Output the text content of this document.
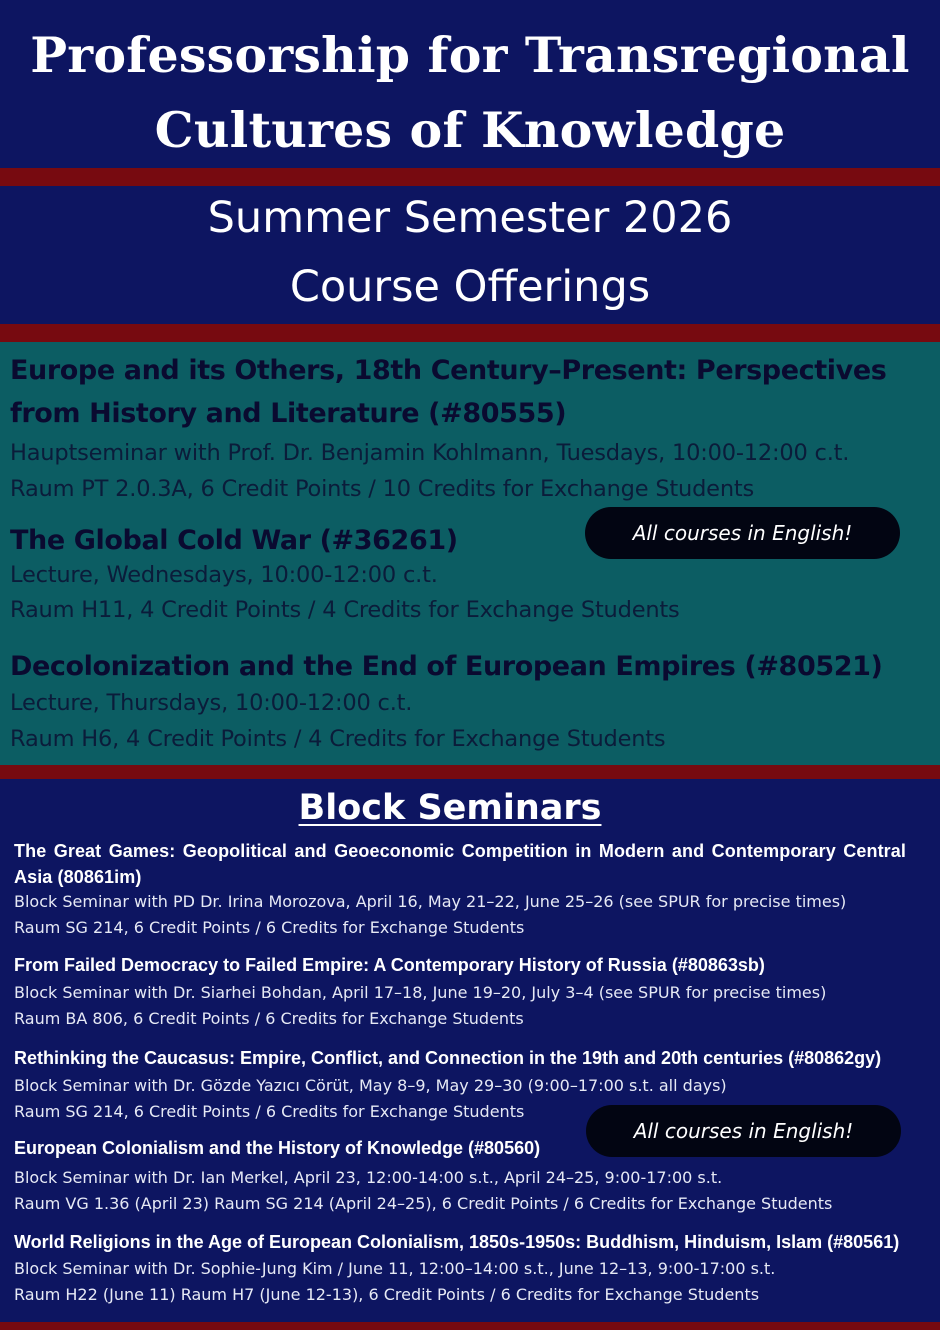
Professorship for Transregional
Cultures of Knowledge
Summer Semester 2026
Course Offerings

Europe and its Others, 18th Century–Present: Perspectives

from History and Literature (#80555)

Hauptseminar with Prof. Dr. Benjamin Kohlmann, Tuesdays, 10:00-12:00 c.t.

Raum PT 2.0.3A, 6 Credit Points / 10 Credits for Exchange Students

The Global Cold War (#36261)

Lecture, Wednesdays, 10:00-12:00 c.t.

Raum H11, 4 Credit Points / 4 Credits for Exchange Students

Decolonization and the End of European Empires (#80521)

Lecture, Thursdays, 10:00-12:00 c.t.

Raum H6, 4 Credit Points / 4 Credits for Exchange Students

All courses in English!
Block Seminars

The Great Games: Geopolitical and Geoeconomic Competition in Modern and Contemporary Central Asia (80861im)

Block Seminar with PD Dr. Irina Morozova, April 16, May 21–22, June 25–26 (see SPUR for precise times)

Raum SG 214, 6 Credit Points / 6 Credits for Exchange Students

From Failed Democracy to Failed Empire: A Contemporary History of Russia (#80863sb)

Block Seminar with Dr. Siarhei Bohdan, April 17–18, June 19–20, July 3–4 (see SPUR for precise times)

Raum BA 806, 6 Credit Points / 6 Credits for Exchange Students

Rethinking the Caucasus: Empire, Conflict, and Connection in the 19th and 20th centuries (#80862gy)

Block Seminar with Dr. Gözde Yazıcı Cörüt, May 8–9, May 29–30 (9:00–17:00 s.t. all days)

Raum SG 214, 6 Credit Points / 6 Credits for Exchange Students

European Colonialism and the History of Knowledge (#80560)

Block Seminar with Dr. Ian Merkel, April 23, 12:00-14:00 s.t., April 24–25, 9:00-17:00 s.t.

Raum VG 1.36 (April 23) Raum SG 214 (April 24–25), 6 Credit Points / 6 Credits for Exchange Students

World Religions in the Age of European Colonialism, 1850s-1950s: Buddhism, Hinduism, Islam (#80561)

Block Seminar with Dr. Sophie-Jung Kim / June 11, 12:00–14:00 s.t., June 12–13, 9:00-17:00 s.t.

Raum H22 (June 11) Raum H7 (June 12-13), 6 Credit Points / 6 Credits for Exchange Students

All courses in English!
